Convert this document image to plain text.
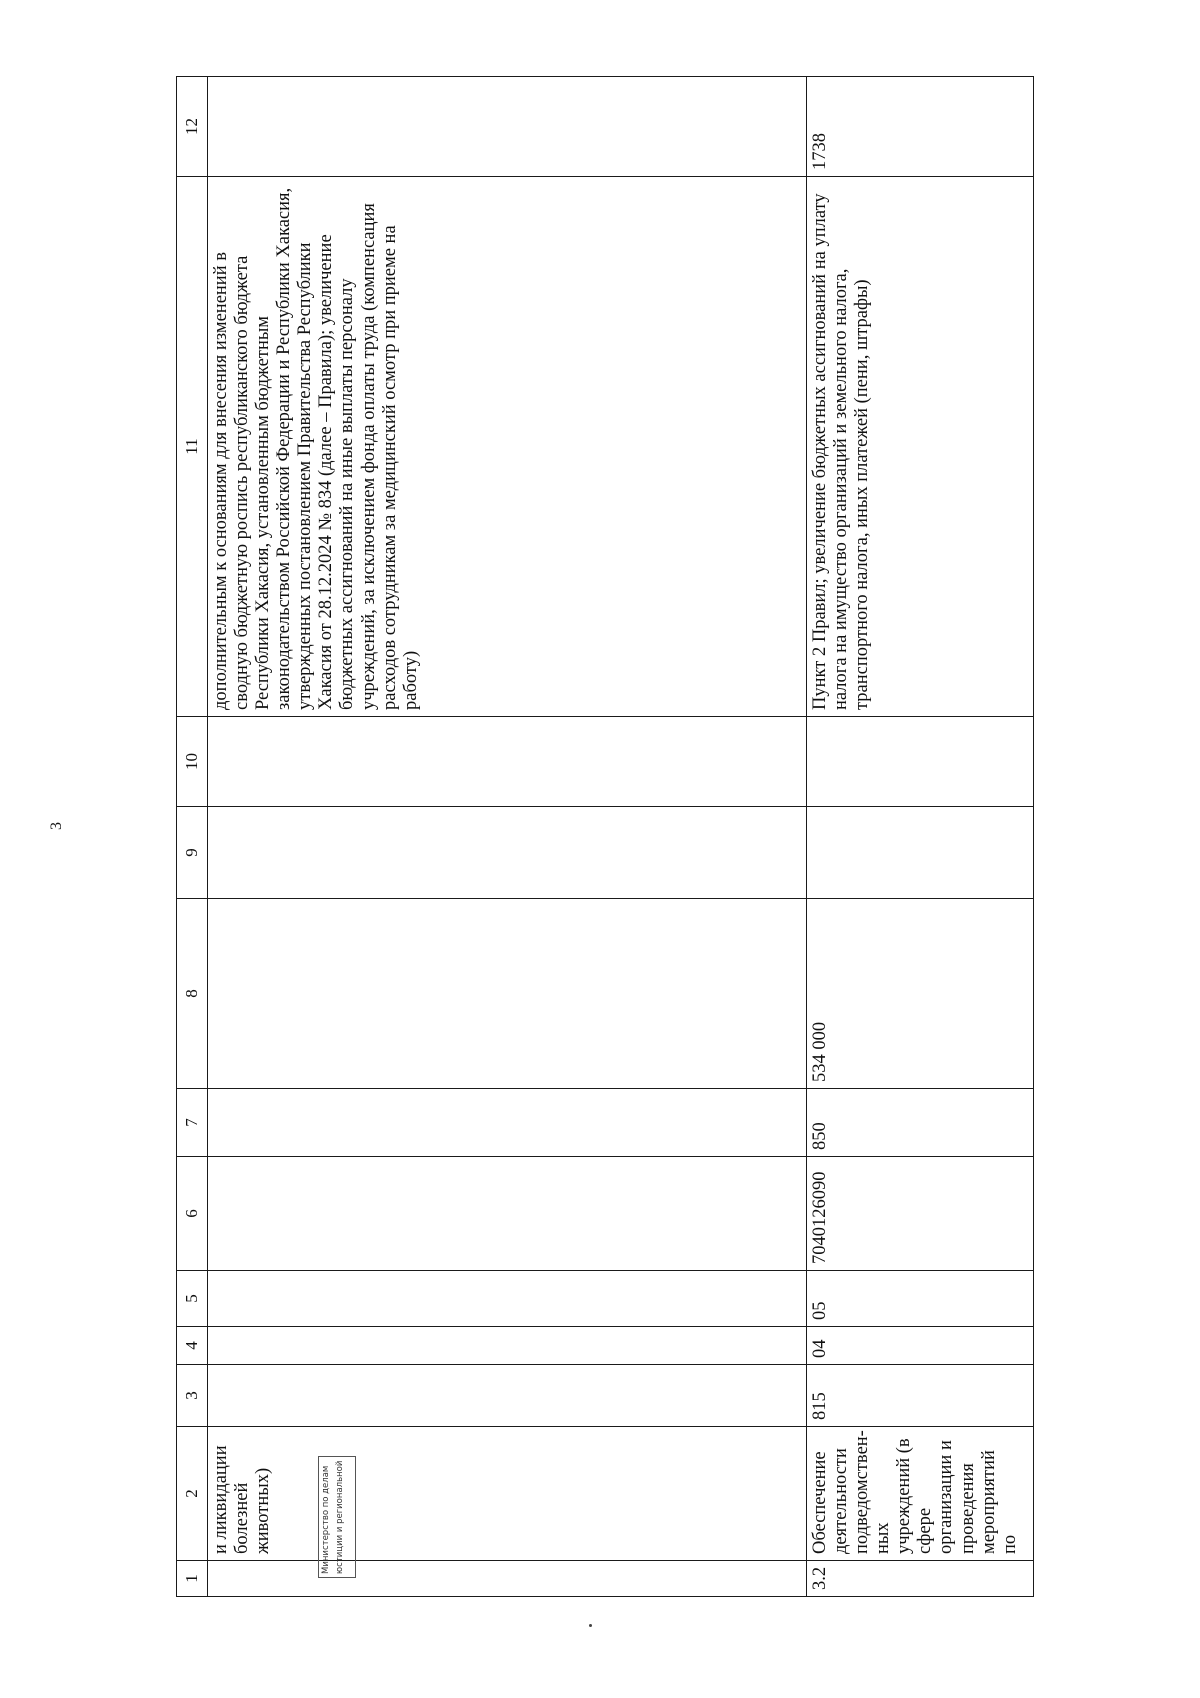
3
1	2	3	4	5	6	7	8	9	10	11	12
	и ликвидации болезней животных)									дополнительным к основаниям для внесения изменений в сводную бюджетную роспись республиканского бюджета Республики Хакасия, установленным бюджетным законодательством Российской Федерации и Республики Хакасия, утвержденных постановлением Правительства Республики Хакасия от 28.12.2024 № 834 (далее – Правила); увеличение бюджетных ассигнований на иные выплаты персоналу учреждений, за исключением фонда оплаты труда (компенсация расходов сотрудникам за медицинский осмотр при приеме на работу)	
3.2	Обеспечение деятельности подведомствен-ных учреждений (в сфере организации и проведения мероприятий по	815	04	05	7040126090	850	534 000			Пункт 2 Правил; увеличение бюджетных ассигнований на уплату налога на имущество организаций и земельного налога, транспортного налога, иных платежей (пени, штрафы)	1738
Министерство по делам юстиции и региональной
